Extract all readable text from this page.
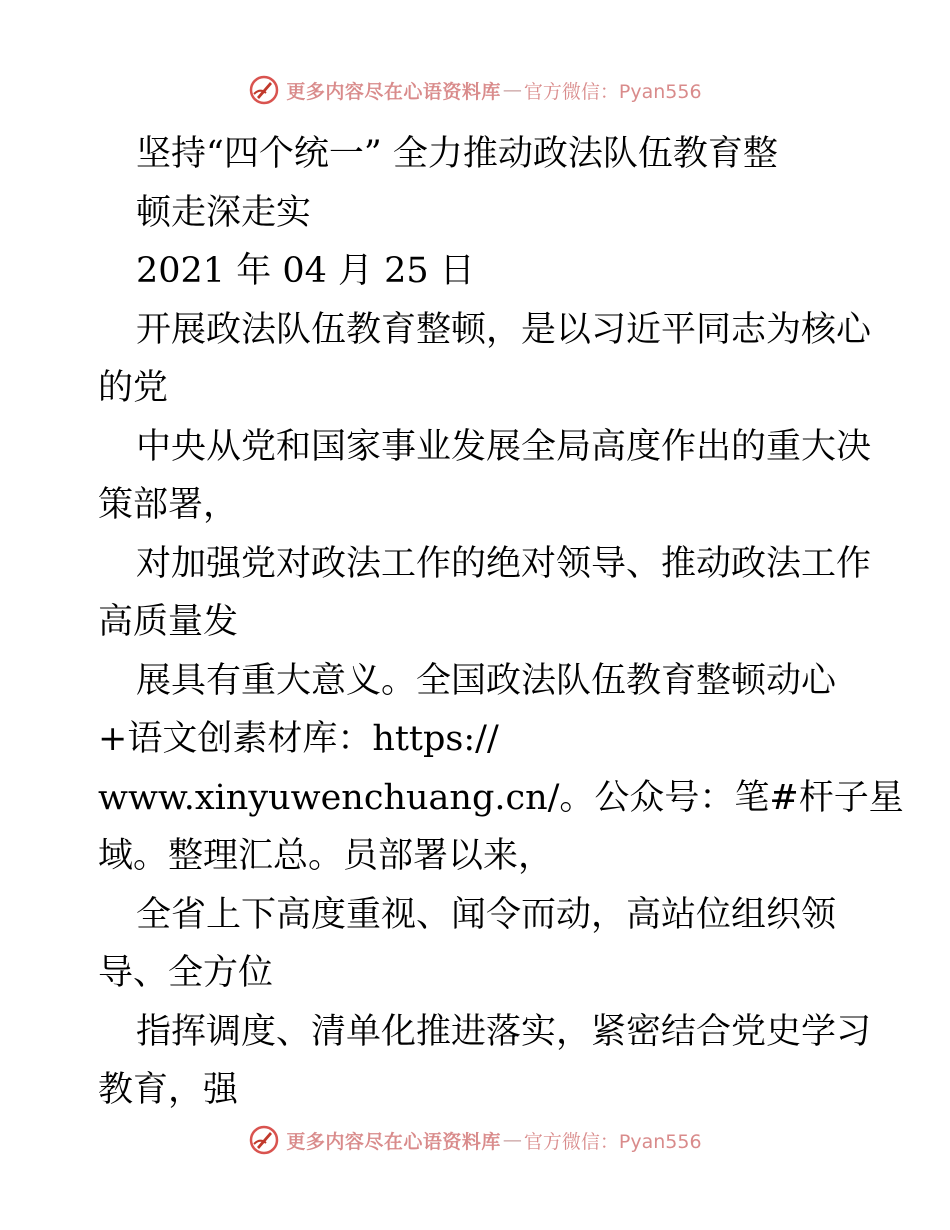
更多内容尽在心语资料库 — 官方微信：Pyan556
坚持“四个统一” 全力推动政法队伍教育整
顿走深走实
2021 年 04 月 25 日
开展政法队伍教育整顿，是以习近平同志为核心
的党
中央从党和国家事业发展全局高度作出的重大决
策部署，
对加强党对政法工作的绝对领导、推动政法工作
高质量发
展具有重大意义。全国政法队伍教育整顿动心
+语文创素材库：https://
www.xinyuwenchuang.cn/。公众号：笔#杆子星
域。整理汇总。员部署以来，
全省上下高度重视、闻令而动，高站位组织领
导、全方位
指挥调度、清单化推进落实，紧密结合党史学习
教育，强
更多内容尽在心语资料库 — 官方微信：Pyan556
